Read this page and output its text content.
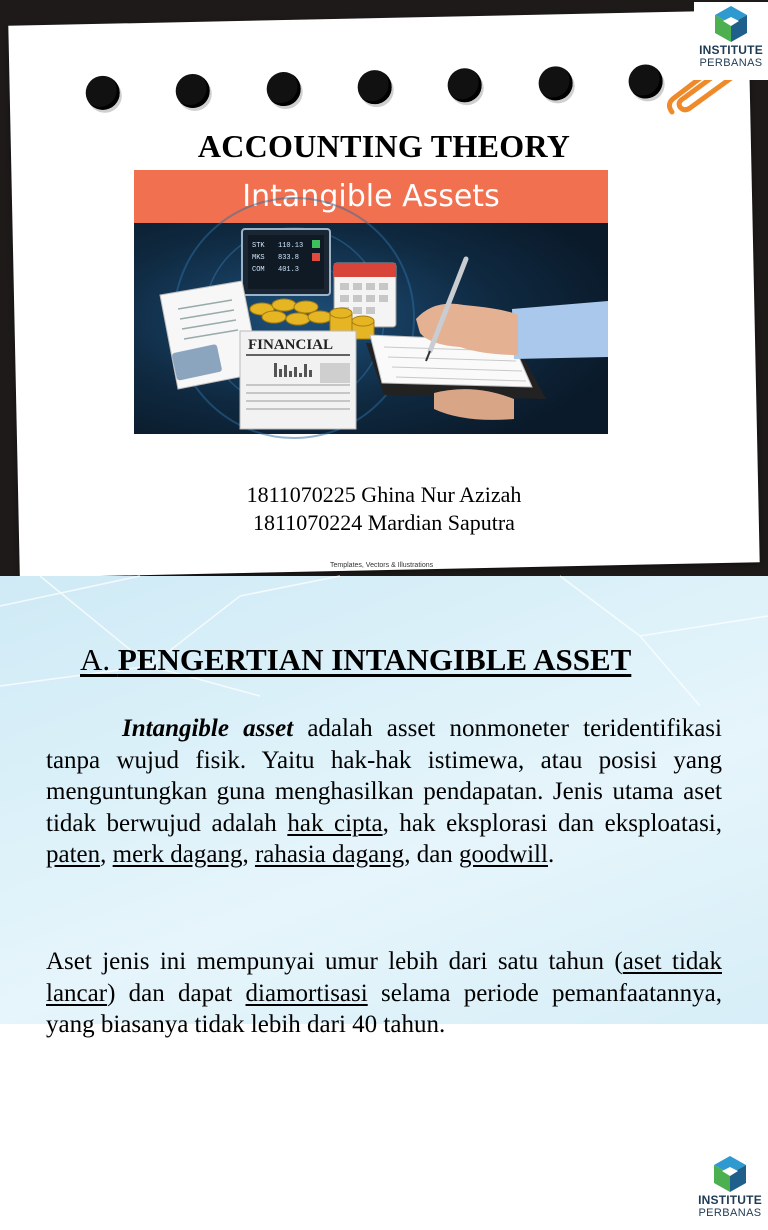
INSTITUTE
PERBANAS
ACCOUNTING THEORY
Intangible Assets
STK
MKS
COM
110.13
833.8
401.3
FINANCIAL
1811070225 Ghina Nur Azizah
1811070224 Mardian Saputra
Templates, Vectors & Illustrations
INSTITUTE
PERBANAS
A. PENGERTIAN INTANGIBLE ASSET
Intangible asset adalah asset nonmoneter teridentifikasi tanpa wujud fisik. Yaitu hak-hak istimewa, atau posisi yang menguntungkan guna menghasilkan pendapatan. Jenis utama aset tidak berwujud adalah hak cipta, hak eksplorasi dan eksploatasi, paten, merk dagang, rahasia dagang, dan goodwill.
Aset jenis ini mempunyai umur lebih dari satu tahun (aset tidak lancar) dan dapat diamortisasi selama periode pemanfaatannya, yang biasanya tidak lebih dari 40 tahun.
